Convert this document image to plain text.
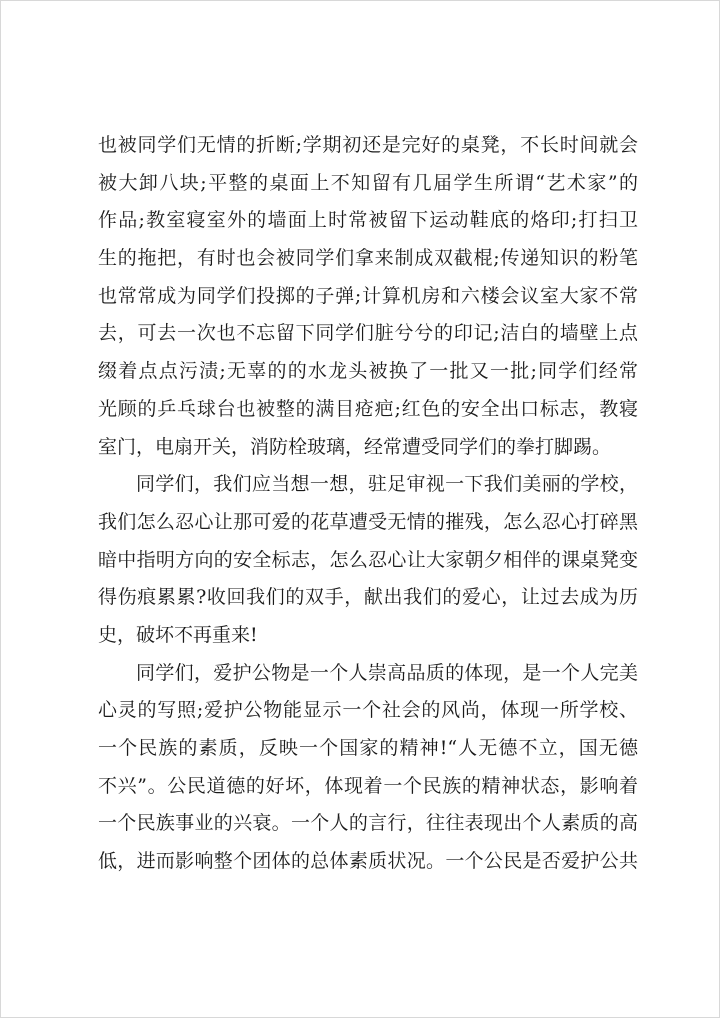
也被同学们无情的折断;学期初还是完好的桌凳，不长时间就会
被大卸八块;平整的桌面上不知留有几届学生所谓“艺术家”的
作品;教室寝室外的墙面上时常被留下运动鞋底的烙印;打扫卫
生的拖把，有时也会被同学们拿来制成双截棍;传递知识的粉笔
也常常成为同学们投掷的子弹;计算机房和六楼会议室大家不常
去，可去一次也不忘留下同学们脏兮兮的印记;洁白的墙壁上点
缀着点点污渍;无辜的的水龙头被换了一批又一批;同学们经常
光顾的乒乓球台也被整的满目疮疤;红色的安全出口标志，教寝
室门，电扇开关，消防栓玻璃，经常遭受同学们的拳打脚踢。
同学们，我们应当想一想，驻足审视一下我们美丽的学校，
我们怎么忍心让那可爱的花草遭受无情的摧残，怎么忍心打碎黑
暗中指明方向的安全标志，怎么忍心让大家朝夕相伴的课桌凳变
得伤痕累累?收回我们的双手，献出我们的爱心，让过去成为历
史，破坏不再重来!
同学们，爱护公物是一个人崇高品质的体现，是一个人完美
心灵的写照;爱护公物能显示一个社会的风尚，体现一所学校、
一个民族的素质，反映一个国家的精神!“人无德不立，国无德
不兴”。公民道德的好坏，体现着一个民族的精神状态，影响着
一个民族事业的兴衰。一个人的言行，往往表现出个人素质的高
低，进而影响整个团体的总体素质状况。一个公民是否爱护公共
